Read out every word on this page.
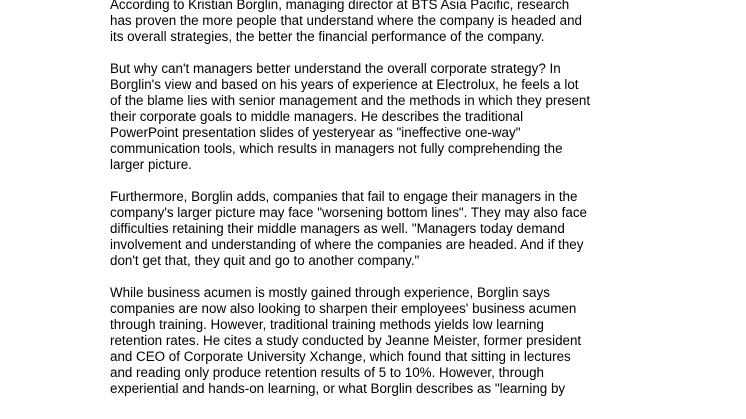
According to Kristian Borglin, managing director at BTS Asia Pacific, research
has proven the more people that understand where the company is headed and
its overall strategies, the better the financial performance of the company.

But why can't managers better understand the overall corporate strategy? In
Borglin's view and based on his years of experience at Electrolux, he feels a lot
of the blame lies with senior management and the methods in which they present
their corporate goals to middle managers. He describes the traditional
PowerPoint presentation slides of yesteryear as "ineffective one-way"
communication tools, which results in managers not fully comprehending the
larger picture.

Furthermore, Borglin adds, companies that fail to engage their managers in the
company's larger picture may face "worsening bottom lines". They may also face
difficulties retaining their middle managers as well. "Managers today demand
involvement and understanding of where the companies are headed. And if they
don't get that, they quit and go to another company."

While business acumen is mostly gained through experience, Borglin says
companies are now also looking to sharpen their employees' business acumen
through training. However, traditional training methods yields low learning
retention rates. He cites a study conducted by Jeanne Meister, former president
and CEO of Corporate University Xchange, which found that sitting in lectures
and reading only produce retention results of 5 to 10%. However, through
experiential and hands-on learning, or what Borglin describes as "learning by
